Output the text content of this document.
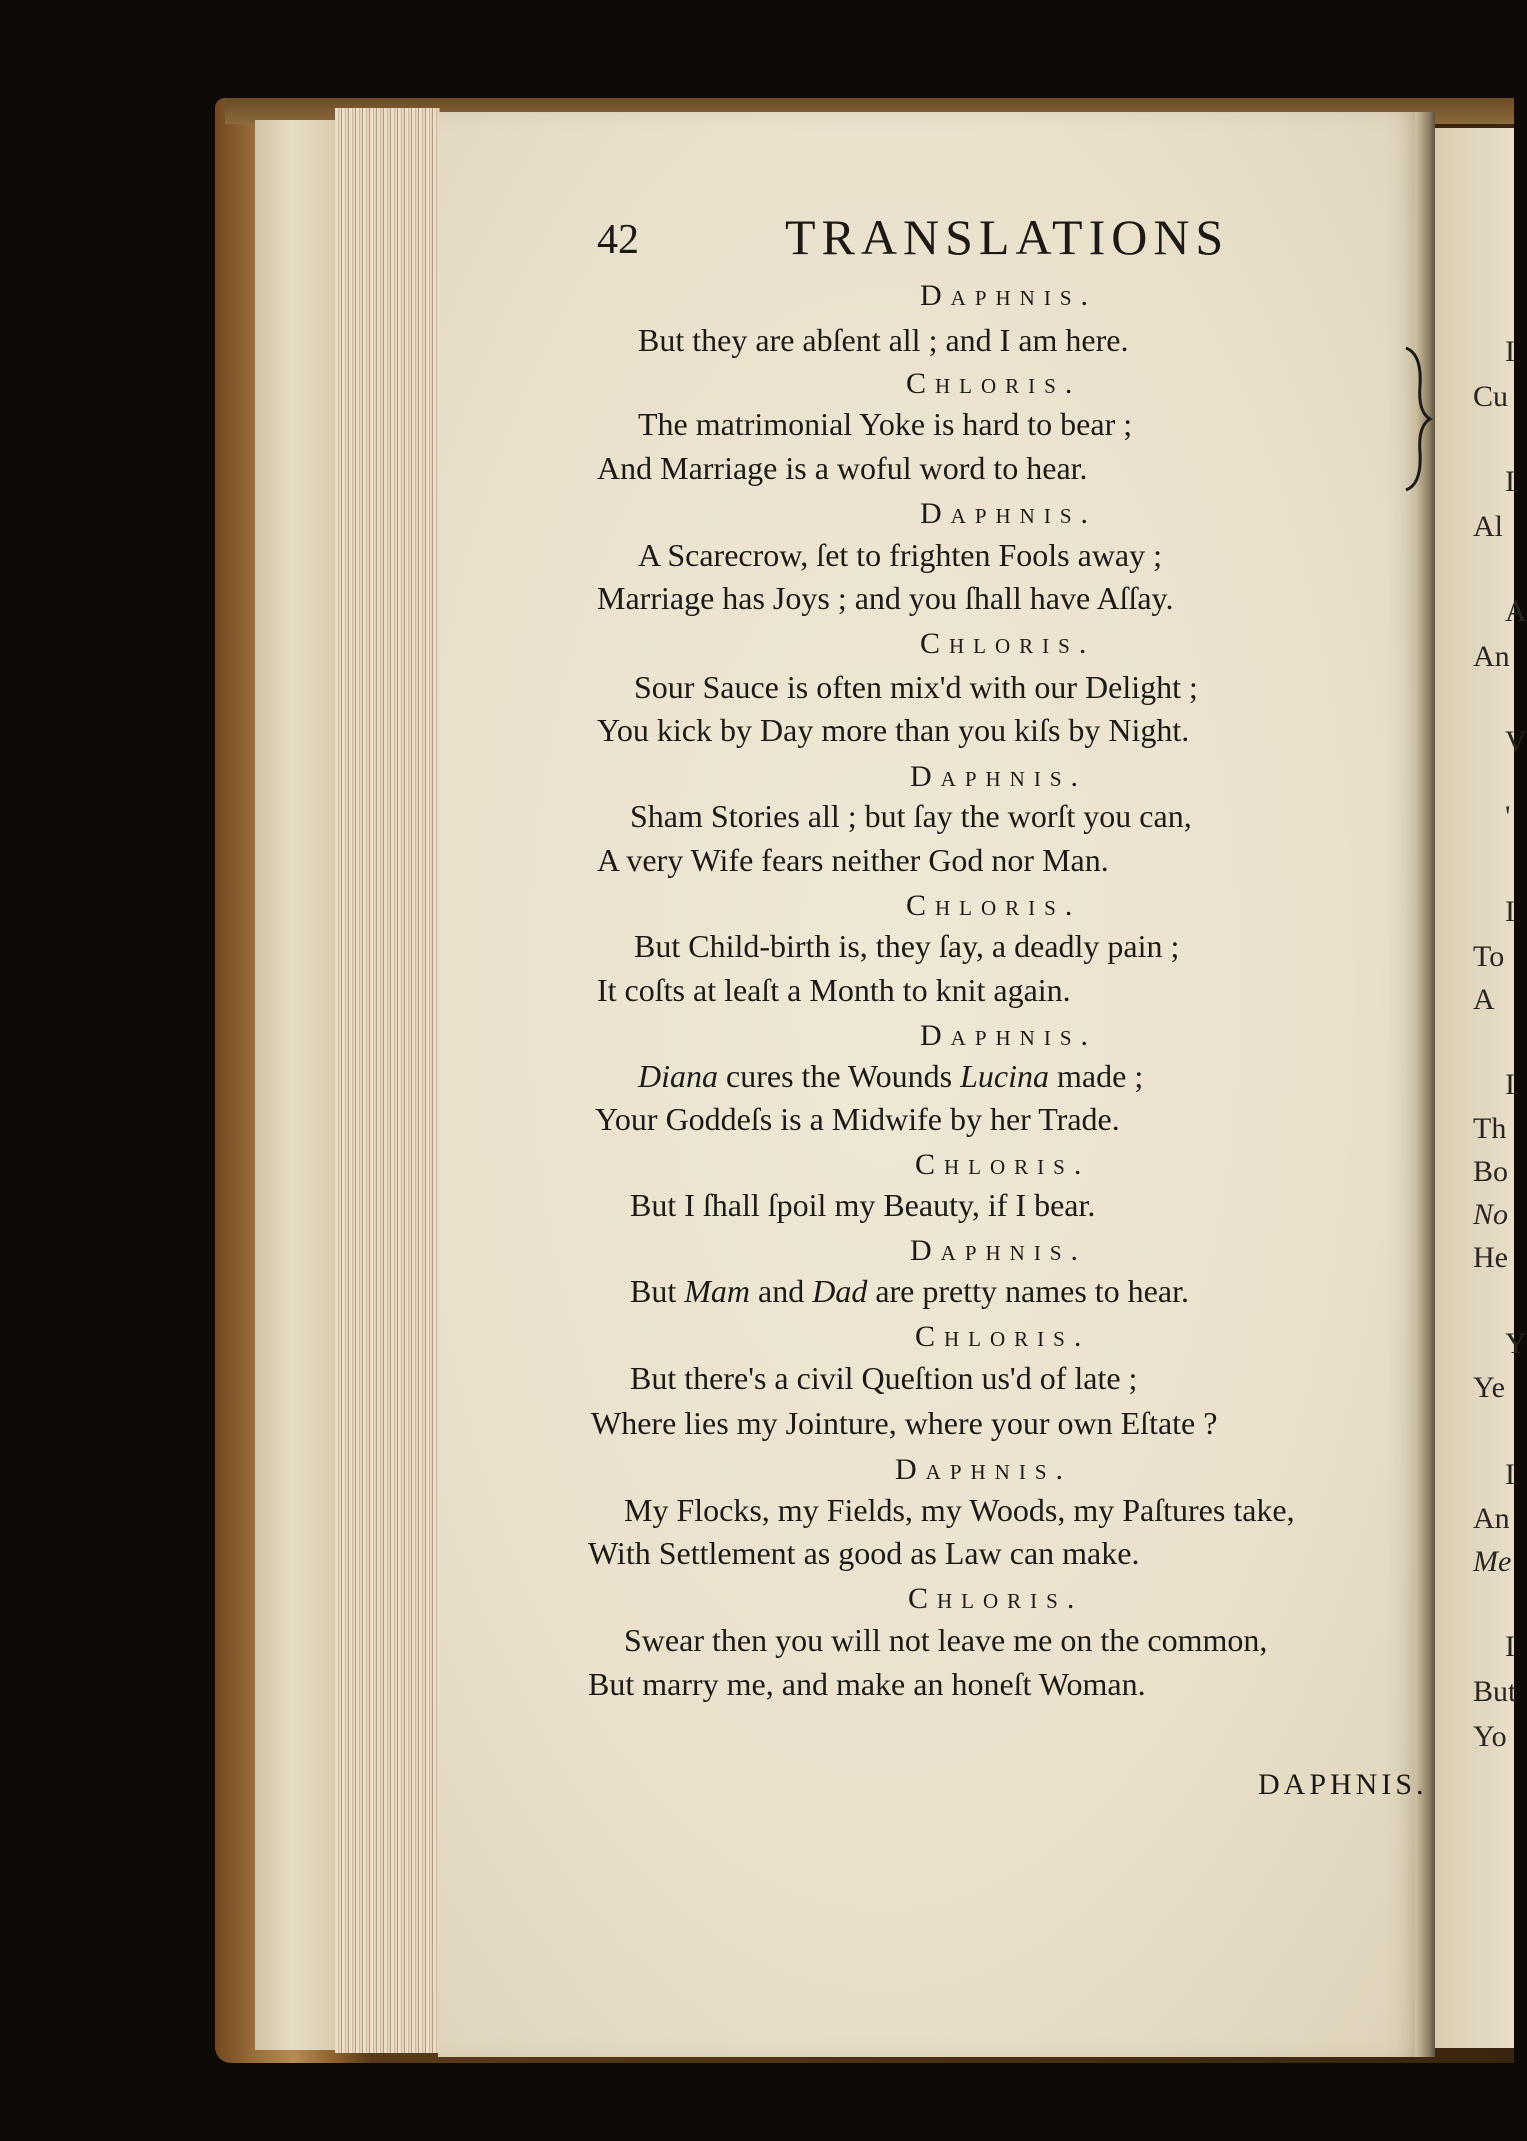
42	TRANSLATIONS
Daphnis.
But they are abſent all ; and I am here.
Chloris.
The matrimonial Yoke is hard to bear ;
And Marriage is a woful word to hear.
Daphnis.
A Scarecrow, ſet to frighten Fools away ;
Marriage has Joys ; and you ſhall have Aſſay.
Chloris.
Sour Sauce is often mix'd with our Delight ;
You kick by Day more than you kiſs by Night.
Daphnis.
Sham Stories all ; but ſay the worſt you can,
A very Wife fears neither God nor Man.
Chloris.
But Child-birth is, they ſay, a deadly pain ;
It coſts at leaſt a Month to knit again.
Daphnis.
Diana cures the Wounds Lucina made ;
Your Goddeſs is a Midwife by her Trade.
Chloris.
But I ſhall ſpoil my Beauty, if I bear.
Daphnis.
But Mam and Dad are pretty names to hear.
Chloris.
But there's a civil Queſtion us'd of late ;
Where lies my Jointure, where your own Eſtate ?
Daphnis.
My Flocks, my Fields, my Woods, my Paſtures take,
With Settlement as good as Law can make.
Chloris.
Swear then you will not leave me on the common,
But marry me, and make an honeſt Woman.
DAPHNIS.
I
Cu
I
Al
A
An
V
'
I
To
A
I
Th
Bo
No
He
Y
Ye
I
An
Me
I
But
Yo
